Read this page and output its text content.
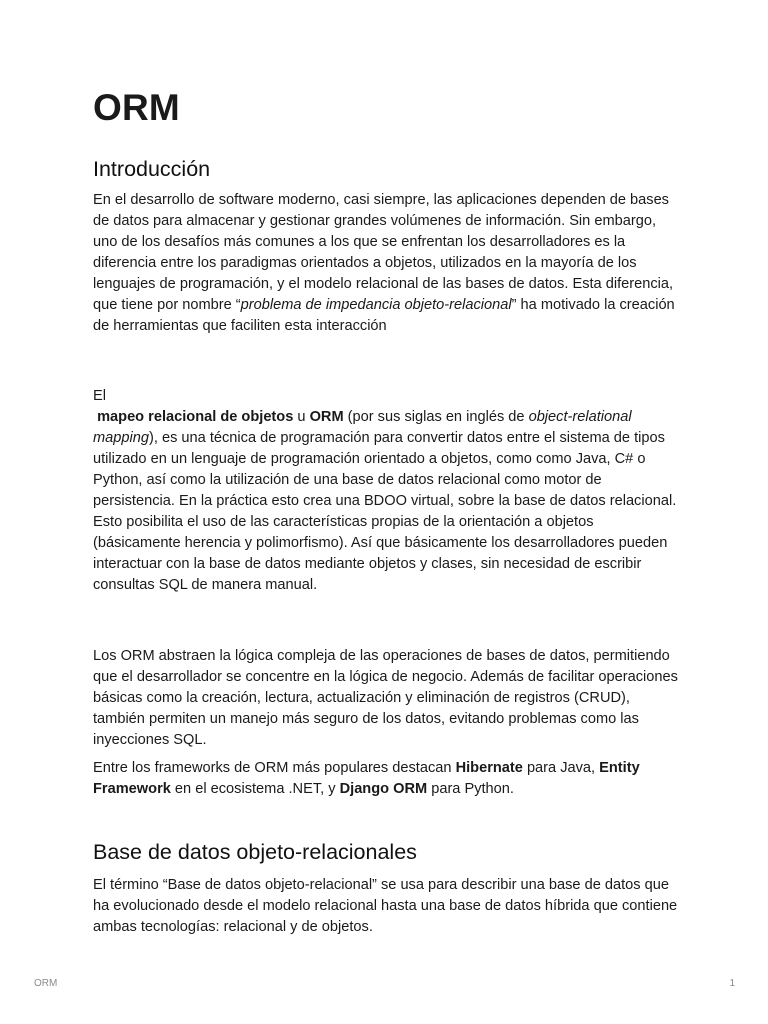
ORM
Introducción

En el desarrollo de software moderno, casi siempre, las aplicaciones dependen de bases de datos para almacenar y gestionar grandes volúmenes de información. Sin embargo, uno de los desafíos más comunes a los que se enfrentan los desarrolladores es la diferencia entre los paradigmas orientados a objetos, utilizados en la mayoría de los lenguajes de programación, y el modelo relacional de las bases de datos. Esta diferencia, que tiene por nombre “problema de impedancia objeto-relacional” ha motivado la creación de herramientas que faciliten esta interacción

El
mapeo relacional de objetos u ORM (por sus siglas en inglés de object-relational mapping), es una técnica de programación para convertir datos entre el sistema de tipos utilizado en un lenguaje de programación orientado a objetos, como como Java, C# o Python, así como la utilización de una base de datos relacional como motor de persistencia. En la práctica esto crea una BDOO virtual, sobre la base de datos relacional. Esto posibilita el uso de las características propias de la orientación a objetos (básicamente herencia y polimorfismo). Así que básicamente los desarrolladores pueden interactuar con la base de datos mediante objetos y clases, sin necesidad de escribir consultas SQL de manera manual.

Los ORM abstraen la lógica compleja de las operaciones de bases de datos, permitiendo que el desarrollador se concentre en la lógica de negocio. Además de facilitar operaciones básicas como la creación, lectura, actualización y eliminación de registros (CRUD), también permiten un manejo más seguro de los datos, evitando problemas como las inyecciones SQL.

Entre los frameworks de ORM más populares destacan Hibernate para Java, Entity Framework en el ecosistema .NET, y Django ORM para Python.

Base de datos objeto-relacionales

El término “Base de datos objeto-relacional” se usa para describir una base de datos que ha evolucionado desde el modelo relacional hasta una base de datos híbrida que contiene ambas tecnologías: relacional y de objetos.

ORM	1
